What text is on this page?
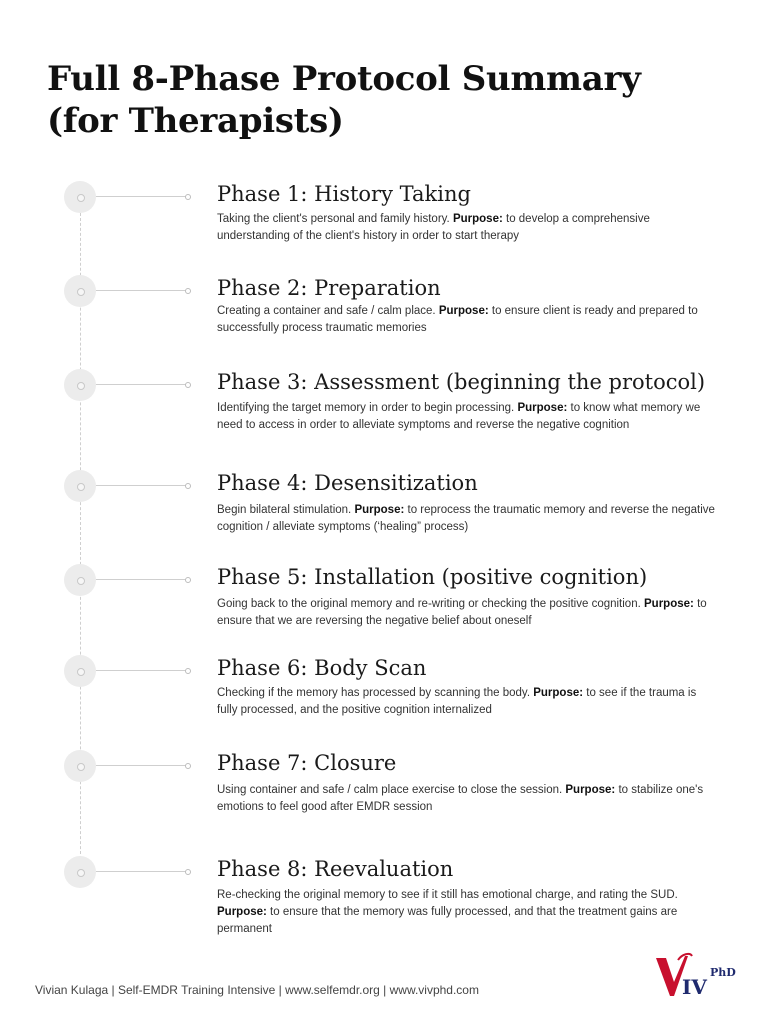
Full 8-Phase Protocol Summary
(for Therapists)
Phase 1: History Taking

Taking the client's personal and family history. Purpose: to develop a comprehensive understanding of the client's history in order to start therapy

Phase 2: Preparation

Creating a container and safe / calm place. Purpose: to ensure client is ready and prepared to successfully process traumatic memories

Phase 3: Assessment (beginning the protocol)

Identifying the target memory in order to begin processing. Purpose: to know what memory we need to access in order to alleviate symptoms and reverse the negative cognition

Phase 4: Desensitization

Begin bilateral stimulation. Purpose: to reprocess the traumatic memory and reverse the negative cognition / alleviate symptoms (‘healing” process)

Phase 5: Installation (positive cognition)

Going back to the original memory and re-writing or checking the positive cognition. Purpose: to ensure that we are reversing the negative belief about oneself

Phase 6: Body Scan

Checking if the memory has processed by scanning the body. Purpose: to see if the trauma is fully processed, and the positive cognition internalized

Phase 7: Closure

Using container and safe / calm place exercise to close the session. Purpose: to stabilize one's emotions to feel good after EMDR session

Phase 8: Reevaluation

Re-checking the original memory to see if it still has emotional charge, and rating the SUD. Purpose: to ensure that the memory was fully processed, and that the treatment gains are permanent

Vivian Kulaga | Self-EMDR Training Intensive | www.selfemdr.org | www.vivphd.com	IV
PhD
